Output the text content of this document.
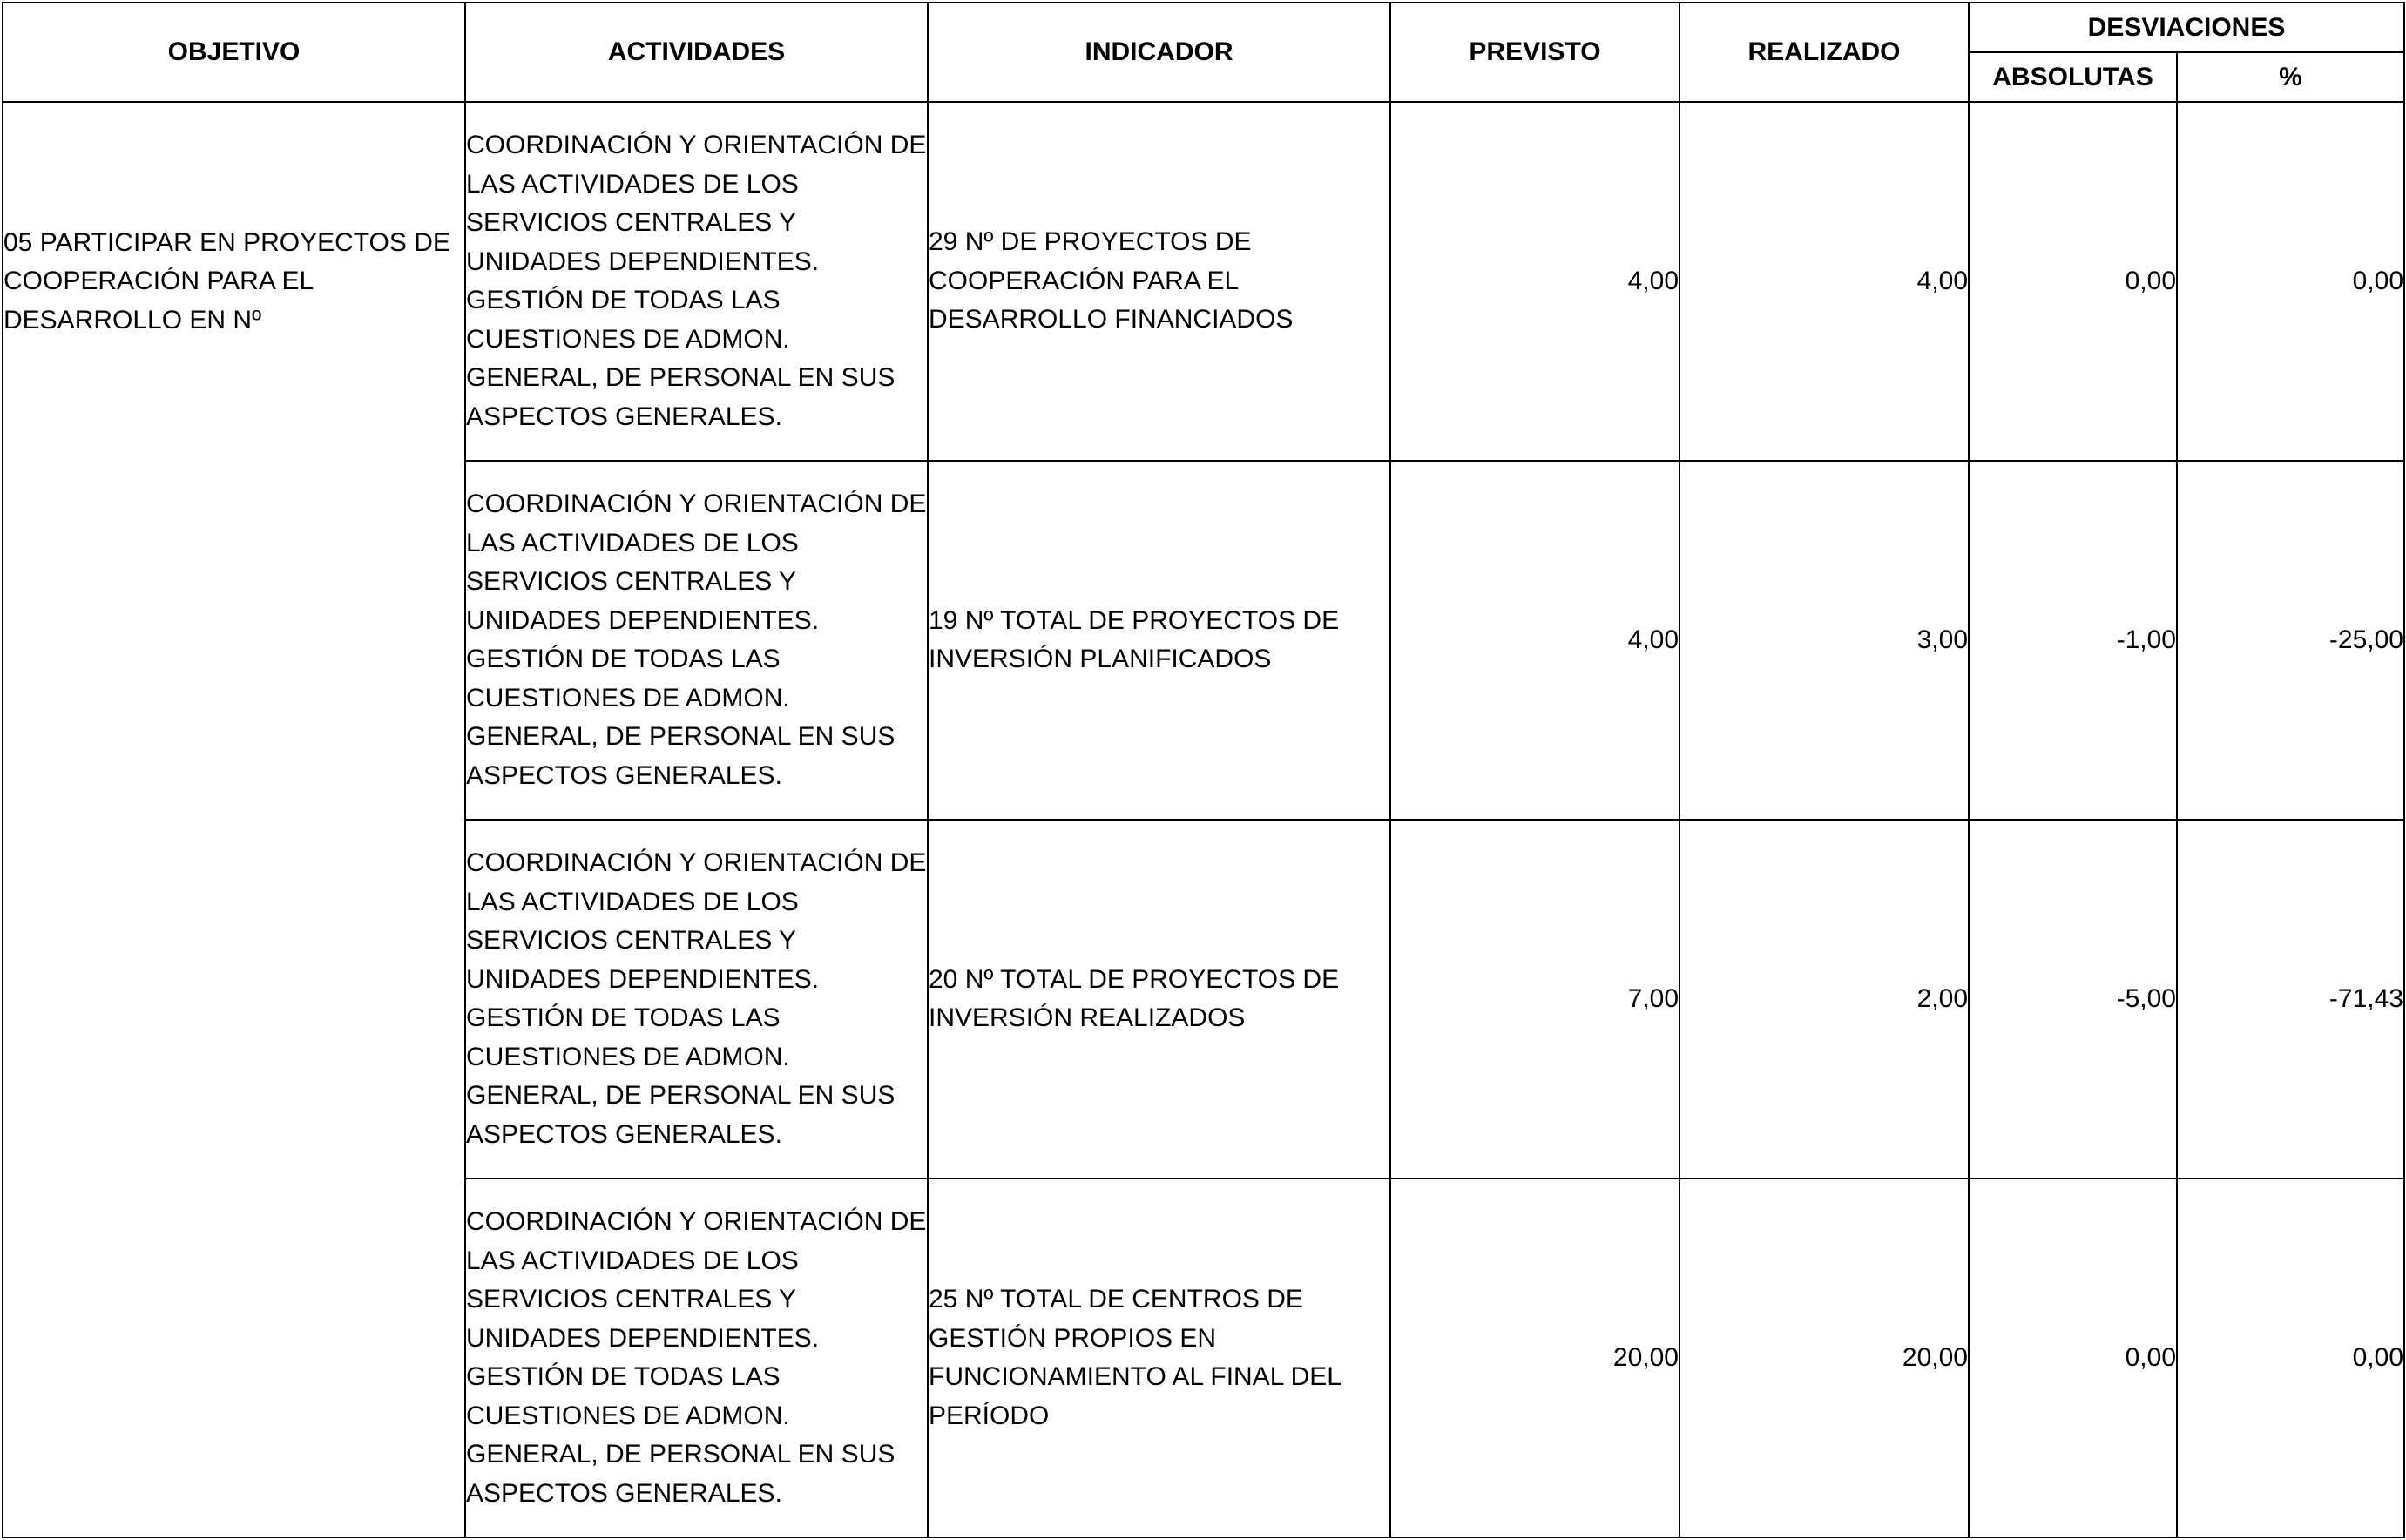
OBJETIVO	ACTIVIDADES	INDICADOR	PREVISTO	REALIZADO	DESVIACIONES	
					ABSOLUTAS	%
05 PARTICIPAR EN PROYECTOS DE COOPERACIÓN PARA EL DESARROLLO EN Nº	COORDINACIÓN Y ORIENTACIÓN DE LAS ACTIVIDADES DE LOS SERVICIOS CENTRALES Y UNIDADES DEPENDIENTES. GESTIÓN DE TODAS LAS CUESTIONES DE ADMON. GENERAL, DE PERSONAL EN SUS ASPECTOS GENERALES.	29 Nº DE PROYECTOS DE COOPERACIÓN PARA EL DESARROLLO FINANCIADOS	4,00	4,00	0,00	0,00
	COORDINACIÓN Y ORIENTACIÓN DE LAS ACTIVIDADES DE LOS SERVICIOS CENTRALES Y UNIDADES DEPENDIENTES. GESTIÓN DE TODAS LAS CUESTIONES DE ADMON. GENERAL, DE PERSONAL EN SUS ASPECTOS GENERALES.	19 Nº TOTAL DE PROYECTOS DE INVERSIÓN PLANIFICADOS	4,00	3,00	-1,00	-25,00
	COORDINACIÓN Y ORIENTACIÓN DE LAS ACTIVIDADES DE LOS SERVICIOS CENTRALES Y UNIDADES DEPENDIENTES. GESTIÓN DE TODAS LAS CUESTIONES DE ADMON. GENERAL, DE PERSONAL EN SUS ASPECTOS GENERALES.	20 Nº TOTAL DE PROYECTOS DE INVERSIÓN REALIZADOS	7,00	2,00	-5,00	-71,43
	COORDINACIÓN Y ORIENTACIÓN DE LAS ACTIVIDADES DE LOS SERVICIOS CENTRALES Y UNIDADES DEPENDIENTES. GESTIÓN DE TODAS LAS CUESTIONES DE ADMON. GENERAL, DE PERSONAL EN SUS ASPECTOS GENERALES.	25 Nº TOTAL DE CENTROS DE GESTIÓN PROPIOS EN FUNCIONAMIENTO AL FINAL DEL PERÍODO	20,00	20,00	0,00	0,00
